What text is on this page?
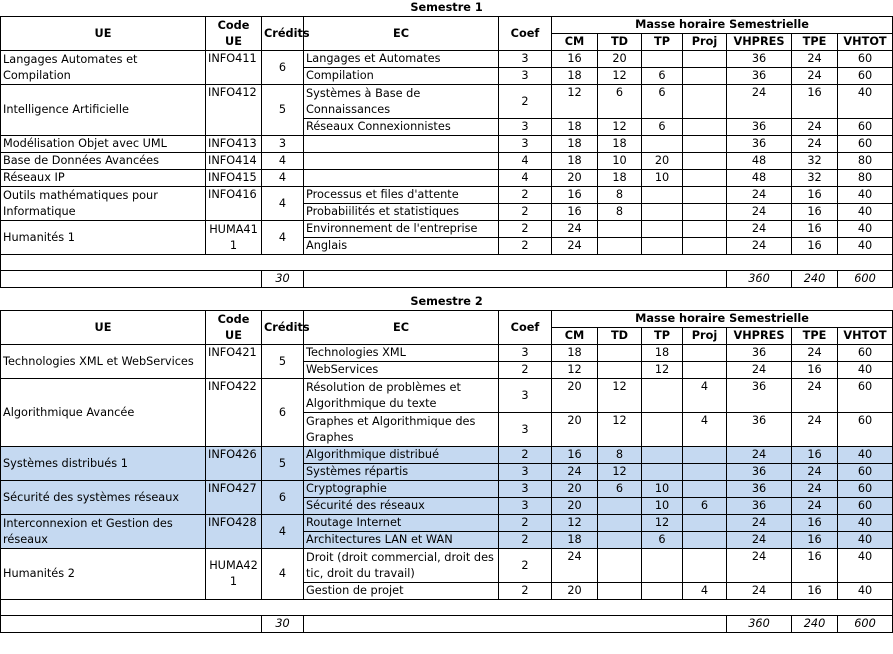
Semestre 1											
UE	Code UE	Crédits	EC	Coef	Masse horaire Semestrielle						
					CM	TD	TP	Proj	VHPRES	TPE	VHTOT
Langages Automates et Compilation	INFO411	6	Langages et Automates	3	16	20			36	24	60
			Compilation	3	18	12	6		36	24	60
Intelligence Artificielle	INFO412	5	Systèmes à Base de Connaissances	2	12	6	6		24	16	40
			Réseaux Connexionnistes	3	18	12	6		36	24	60
Modélisation Objet avec UML	INFO413	3		3	18	18			36	24	60
Base de Données Avancées	INFO414	4		4	18	10	20		48	32	80
Réseaux IP	INFO415	4		4	20	18	10		48	32	80
Outils mathématiques pour Informatique	INFO416	4	Processus et files d'attente	2	16	8			24	16	40
			Probabiilités et statistiques	2	16	8			24	16	40
Humanités 1	HUMA411	4	Environnement de l'entreprise	2	24				24	16	40
			Anglais	2	24				24	16	40

		30							360	240	600

Semestre 2											
UE	Code UE	Crédits	EC	Coef	Masse horaire Semestrielle						
					CM	TD	TP	Proj	VHPRES	TPE	VHTOT
Technologies XML et WebServices	INFO421	5	Technologies XML	3	18		18		36	24	60
			WebServices	2	12		12		24	16	40
Algorithmique Avancée	INFO422	6	Résolution de problèmes et Algorithmique du texte	3	20	12		4	36	24	60
			Graphes et Algorithmique des Graphes	3	20	12		4	36	24	60
Systèmes distribués 1	INFO426	5	Algorithmique distribué	2	16	8			24	16	40
			Systèmes répartis	3	24	12			36	24	60
Sécurité des systèmes réseaux	INFO427	6	Cryptographie	3	20	6	10		36	24	60
			Sécurité des réseaux	3	20		10	6	36	24	60
Interconnexion et Gestion des réseaux	INFO428	4	Routage Internet	2	12		12		24	16	40
			Architectures LAN et WAN	2	18		6		24	16	40
Humanités 2	HUMA421	4	Droit (droit commercial, droit des tic, droit du travail)	2	24				24	16	40
			Gestion de projet	2	20			4	24	16	40

		30							360	240	600
